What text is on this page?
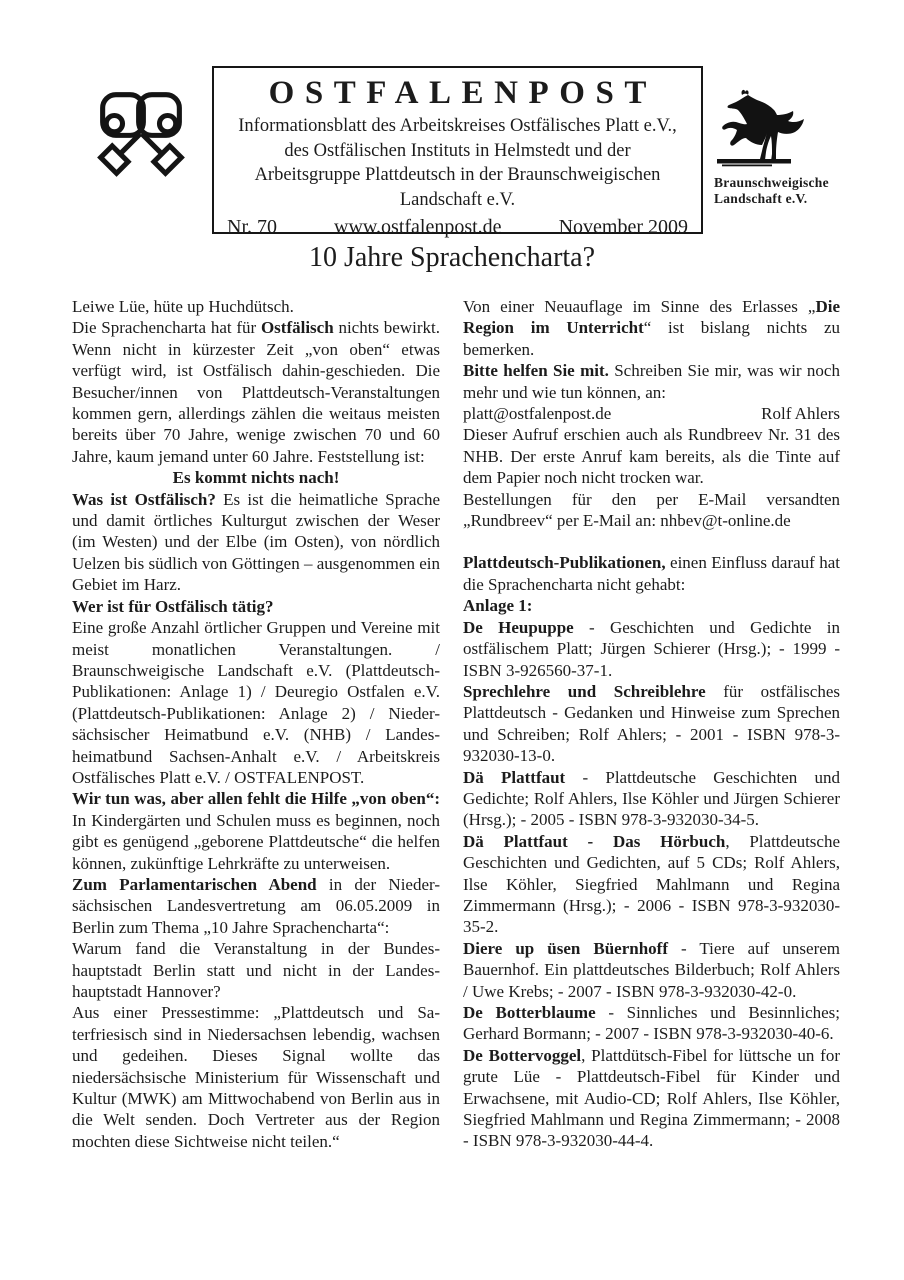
OSTFALENPOST
Informationsblatt des Arbeitskreises Ostfälisches Platt e.V.,
des Ostfälischen Instituts in Helmstedt und der
Arbeitsgruppe Plattdeutsch in der Braunschweigischen
Landschaft e.V.
Nr. 70	www.ostfalenpost.de	November 2009
Braunschweigische
Landschaft e.V.
10 Jahre Sprachencharta?
Leiwe Lüe, hüte up Huchdütsch.
Die Sprachencharta hat für Ostfälisch nichts bewirkt. Wenn nicht in kürzester Zeit „von oben“ etwas verfügt wird, ist Ostfälisch dahin-geschieden. Die Besucher/innen von Plattdeutsch-Veranstaltungen kommen gern, allerdings zählen die weitaus meisten bereits über 70 Jahre, wenige zwischen 70 und 60 Jahre, kaum jemand unter 60 Jahre. Feststellung ist:
Es kommt nichts nach!
Was ist Ostfälisch? Es ist die heimatliche Sprache und damit örtliches Kulturgut zwischen der Weser (im Westen) und der Elbe (im Osten), von nördlich Uelzen bis südlich von Göttingen – ausgenommen ein Gebiet im Harz.
Wer ist für Ostfälisch tätig?
Eine große Anzahl örtlicher Gruppen und Vereine mit meist monatlichen Veranstaltungen. / Braunschweigische Landschaft e.V. (Plattdeutsch-Publikationen: Anlage 1) / Deuregio Ostfalen e.V. (Plattdeutsch-Publikationen: Anlage 2) / Nieder-sächsischer Heimatbund e.V. (NHB) / Landes-heimatbund Sachsen-Anhalt e.V. / Arbeitskreis Ostfälisches Platt e.V. / OSTFALENPOST.
Wir tun was, aber allen fehlt die Hilfe „von oben“: In Kindergärten und Schulen muss es beginnen, noch gibt es genügend „geborene Plattdeutsche“ die helfen können, zukünftige Lehrkräfte zu unterweisen.
Zum Parlamentarischen Abend in der Nieder-sächsischen Landesvertretung am 06.05.2009 in Berlin zum Thema „10 Jahre Sprachencharta“:
Warum fand die Veranstaltung in der Bundes-hauptstadt Berlin statt und nicht in der Landes-hauptstadt Hannover?
Aus einer Pressestimme: „Plattdeutsch und Sa-terfriesisch sind in Niedersachsen lebendig, wachsen und gedeihen. Dieses Signal wollte das niedersächsische Ministerium für Wissenschaft und Kultur (MWK) am Mittwochabend von Berlin aus in die Welt senden. Doch Vertreter aus der Region mochten diese Sichtweise nicht teilen.“
Von einer Neuauflage im Sinne des Erlasses „Die Region im Unterricht“ ist bislang nichts zu bemerken.
Bitte helfen Sie mit. Schreiben Sie mir, was wir noch mehr und wie tun können, an:
platt@ostfalenpost.de	Rolf Ahlers
Dieser Aufruf erschien auch als Rundbreev Nr. 31 des NHB. Der erste Anruf kam bereits, als die Tinte auf dem Papier noch nicht trocken war.
Bestellungen für den per E-Mail versandten „Rundbreev“ per E-Mail an: nhbev@t-online.de
Plattdeutsch-Publikationen, einen Einfluss darauf hat die Sprachencharta nicht gehabt:
Anlage 1:
De Heupuppe - Geschichten und Gedichte in ostfälischem Platt; Jürgen Schierer (Hrsg.); - 1999 - ISBN 3-926560-37-1.
Sprechlehre und Schreiblehre für ostfälisches Plattdeutsch - Gedanken und Hinweise zum Sprechen und Schreiben; Rolf Ahlers; - 2001 - ISBN 978-3-932030-13-0.
Dä Plattfaut - Plattdeutsche Geschichten und Gedichte; Rolf Ahlers, Ilse Köhler und Jürgen Schierer (Hrsg.); - 2005 - ISBN 978-3-932030-34-5.
Dä Plattfaut - Das Hörbuch, Plattdeutsche Geschichten und Gedichten, auf 5 CDs; Rolf Ahlers, Ilse Köhler, Siegfried Mahlmann und Regina Zimmermann (Hrsg.); - 2006 - ISBN 978-3-932030-35-2.
Diere up üsen Büernhoff - Tiere auf unserem Bauernhof. Ein plattdeutsches Bilderbuch; Rolf Ahlers / Uwe Krebs; - 2007 - ISBN 978-3-932030-42-0.
De Botterblaume - Sinnliches und Besinnliches; Gerhard Bormann; - 2007 - ISBN 978-3-932030-40-6.
De Bottervoggel, Plattdütsch-Fibel for lüttsche un for grute Lüe - Plattdeutsch-Fibel für Kinder und Erwachsene, mit Audio-CD; Rolf Ahlers, Ilse Köhler, Siegfried Mahlmann und Regina Zimmermann; - 2008 - ISBN 978-3-932030-44-4.
